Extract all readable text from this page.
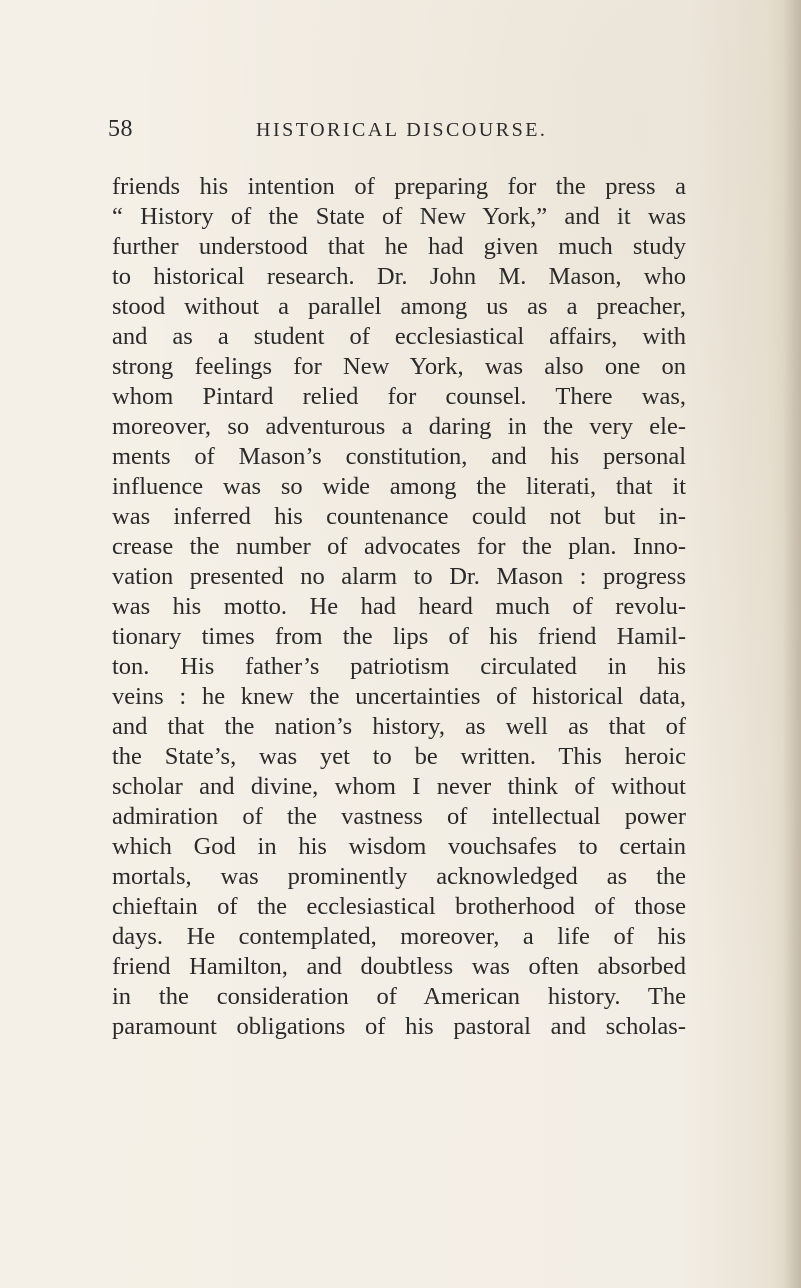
58	HISTORICAL DISCOURSE.
friends his intention of preparing for the press a
“ History of the State of New York,” and it was
further understood that he had given much study
to historical research. Dr. John M. Mason, who
stood without a parallel among us as a preacher,
and as a student of ecclesiastical affairs, with
strong feelings for New York, was also one on
whom Pintard relied for counsel. There was,
moreover, so adventurous a daring in the very ele-
ments of Mason’s constitution, and his personal
influence was so wide among the literati, that it
was inferred his countenance could not but in-
crease the number of advocates for the plan. Inno-
vation presented no alarm to Dr. Mason : progress
was his motto. He had heard much of revolu-
tionary times from the lips of his friend Hamil-
ton. His father’s patriotism circulated in his
veins : he knew the uncertainties of historical data,
and that the nation’s history, as well as that of
the State’s, was yet to be written. This heroic
scholar and divine, whom I never think of without
admiration of the vastness of intellectual power
which God in his wisdom vouchsafes to certain
mortals, was prominently acknowledged as the
chieftain of the ecclesiastical brotherhood of those
days. He contemplated, moreover, a life of his
friend Hamilton, and doubtless was often absorbed
in the consideration of American history. The
paramount obligations of his pastoral and scholas-
